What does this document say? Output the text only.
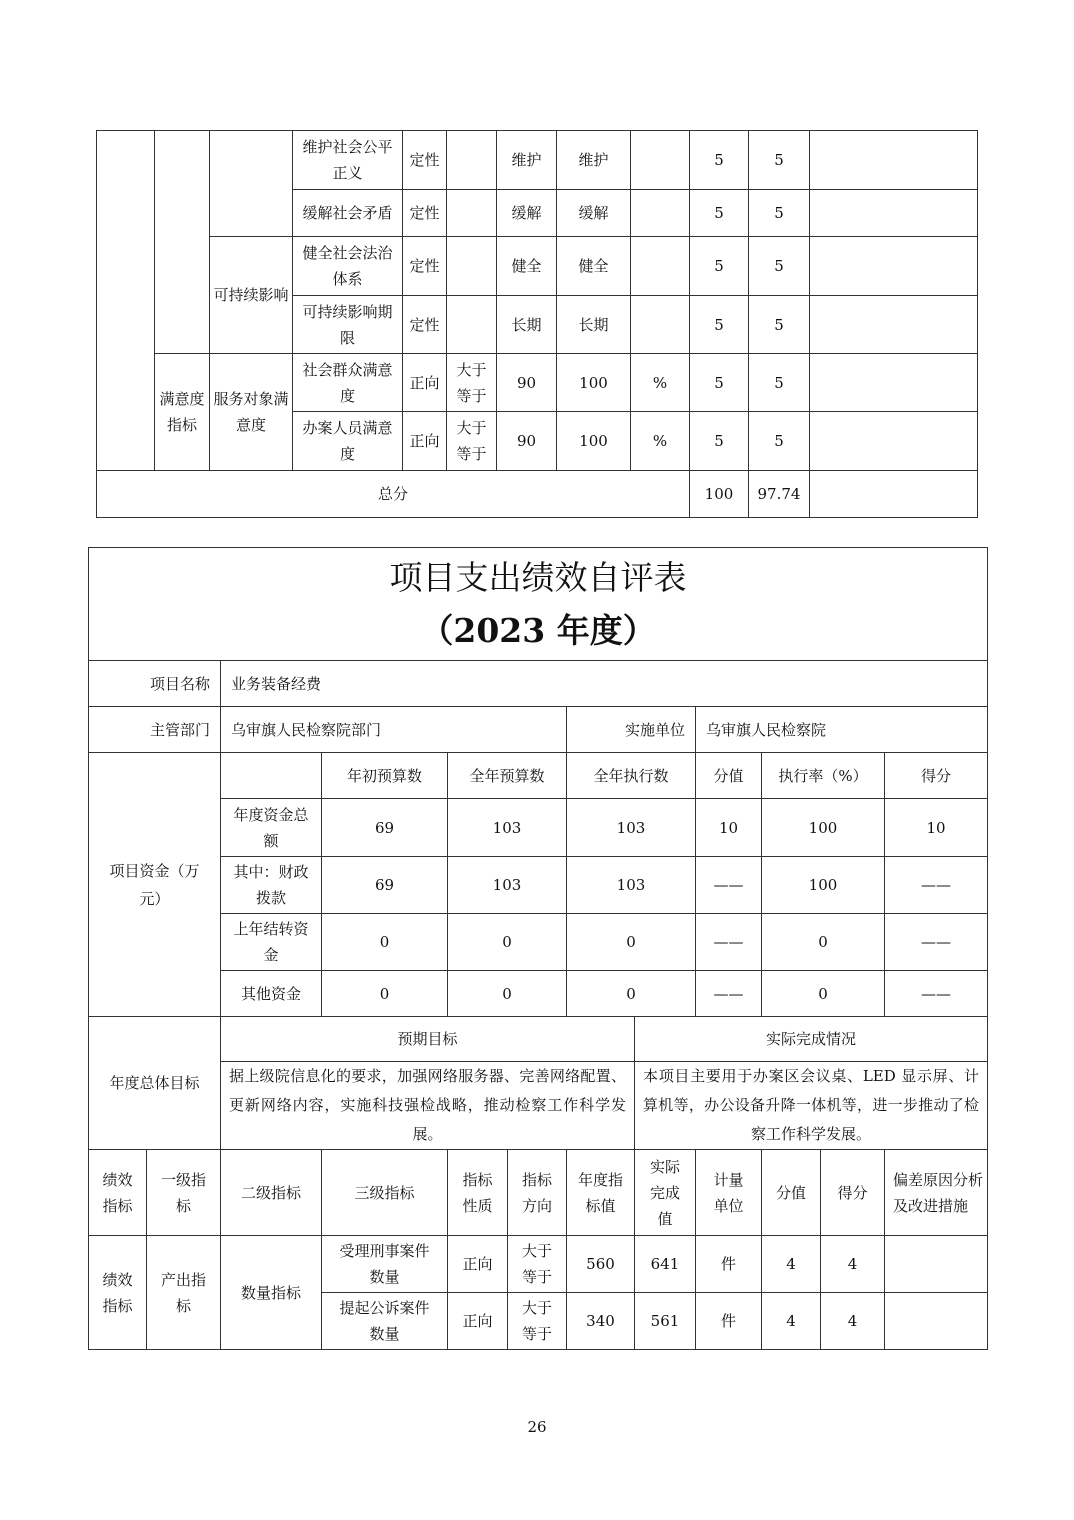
			维护社会公平正义	定性		维护	维护		5	5	
			缓解社会矛盾	定性		缓解	缓解		5	5	
		可持续影响	健全社会法治体系	定性		健全	健全		5	5	
			可持续影响期限	定性		长期	长期		5	5	
	满意度指标	服务对象满意度	社会群众满意度	正向	大于等于	90	100	%	5	5	
			办案人员满意度	正向	大于等于	90	100	%	5	5	
总分									100	97.74	
项目支出绩效自评表
（2023 年度）											

项目名称		业务装备经费									
主管部门		乌审旗人民检察院部门				实施单位		乌审旗人民检察院			
项目资金（万元）			年初预算数	全年预算数		全年执行数		分值	执行率（%）		得分
		年度资金总额	69	103		103		10	100		10
		其中：财政拨款	69	103		103		——	100		——
		上年结转资金	0	0		0		——	0		——
		其他资金	0	0		0		——	0		——
年度总体目标		预期目标					实际完成情况				
		据上级院信息化的要求，加强网络服务器、完善网络配置、更新网络内容，实施科技强检战略，推动检察工作科学发展。					本项目主要用于办案区会议桌、LED 显示屏、计算机等，办公设备升降一体机等，进一步推动了检察工作科学发展。				
绩效指标	一级指标	二级指标	三级指标	指标性质	指标方向	年度指标值	实际完成值	计量单位	分值	得分	偏差原因分析及改进措施
绩效指标	产出指标	数量指标	受理刑事案件数量	正向	大于等于	560	641	件	4	4	
			提起公诉案件数量	正向	大于等于	340	561	件	4	4	
26
